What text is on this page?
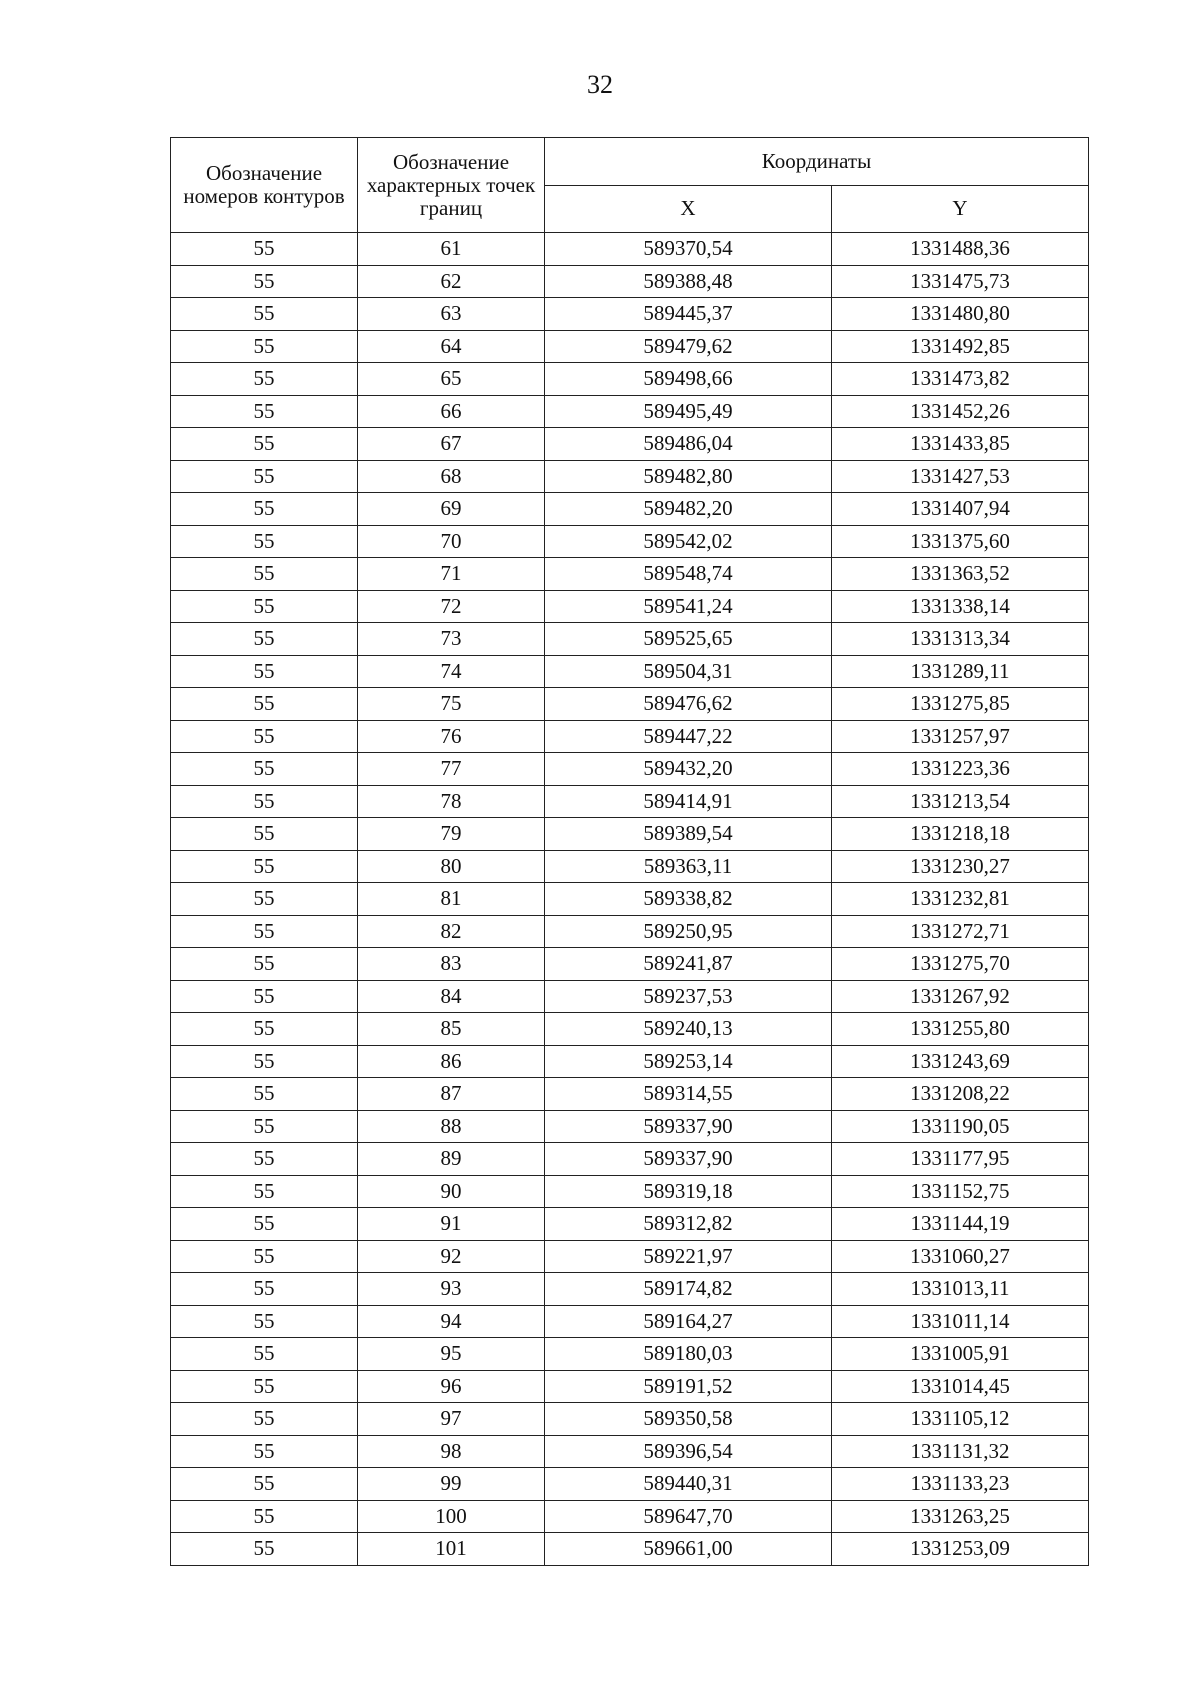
32
Обозначение номеров контуров	Обозначение характерных точек границ	Координаты	
		X	Y
55	61	589370,54	1331488,36
55	62	589388,48	1331475,73
55	63	589445,37	1331480,80
55	64	589479,62	1331492,85
55	65	589498,66	1331473,82
55	66	589495,49	1331452,26
55	67	589486,04	1331433,85
55	68	589482,80	1331427,53
55	69	589482,20	1331407,94
55	70	589542,02	1331375,60
55	71	589548,74	1331363,52
55	72	589541,24	1331338,14
55	73	589525,65	1331313,34
55	74	589504,31	1331289,11
55	75	589476,62	1331275,85
55	76	589447,22	1331257,97
55	77	589432,20	1331223,36
55	78	589414,91	1331213,54
55	79	589389,54	1331218,18
55	80	589363,11	1331230,27
55	81	589338,82	1331232,81
55	82	589250,95	1331272,71
55	83	589241,87	1331275,70
55	84	589237,53	1331267,92
55	85	589240,13	1331255,80
55	86	589253,14	1331243,69
55	87	589314,55	1331208,22
55	88	589337,90	1331190,05
55	89	589337,90	1331177,95
55	90	589319,18	1331152,75
55	91	589312,82	1331144,19
55	92	589221,97	1331060,27
55	93	589174,82	1331013,11
55	94	589164,27	1331011,14
55	95	589180,03	1331005,91
55	96	589191,52	1331014,45
55	97	589350,58	1331105,12
55	98	589396,54	1331131,32
55	99	589440,31	1331133,23
55	100	589647,70	1331263,25
55	101	589661,00	1331253,09
